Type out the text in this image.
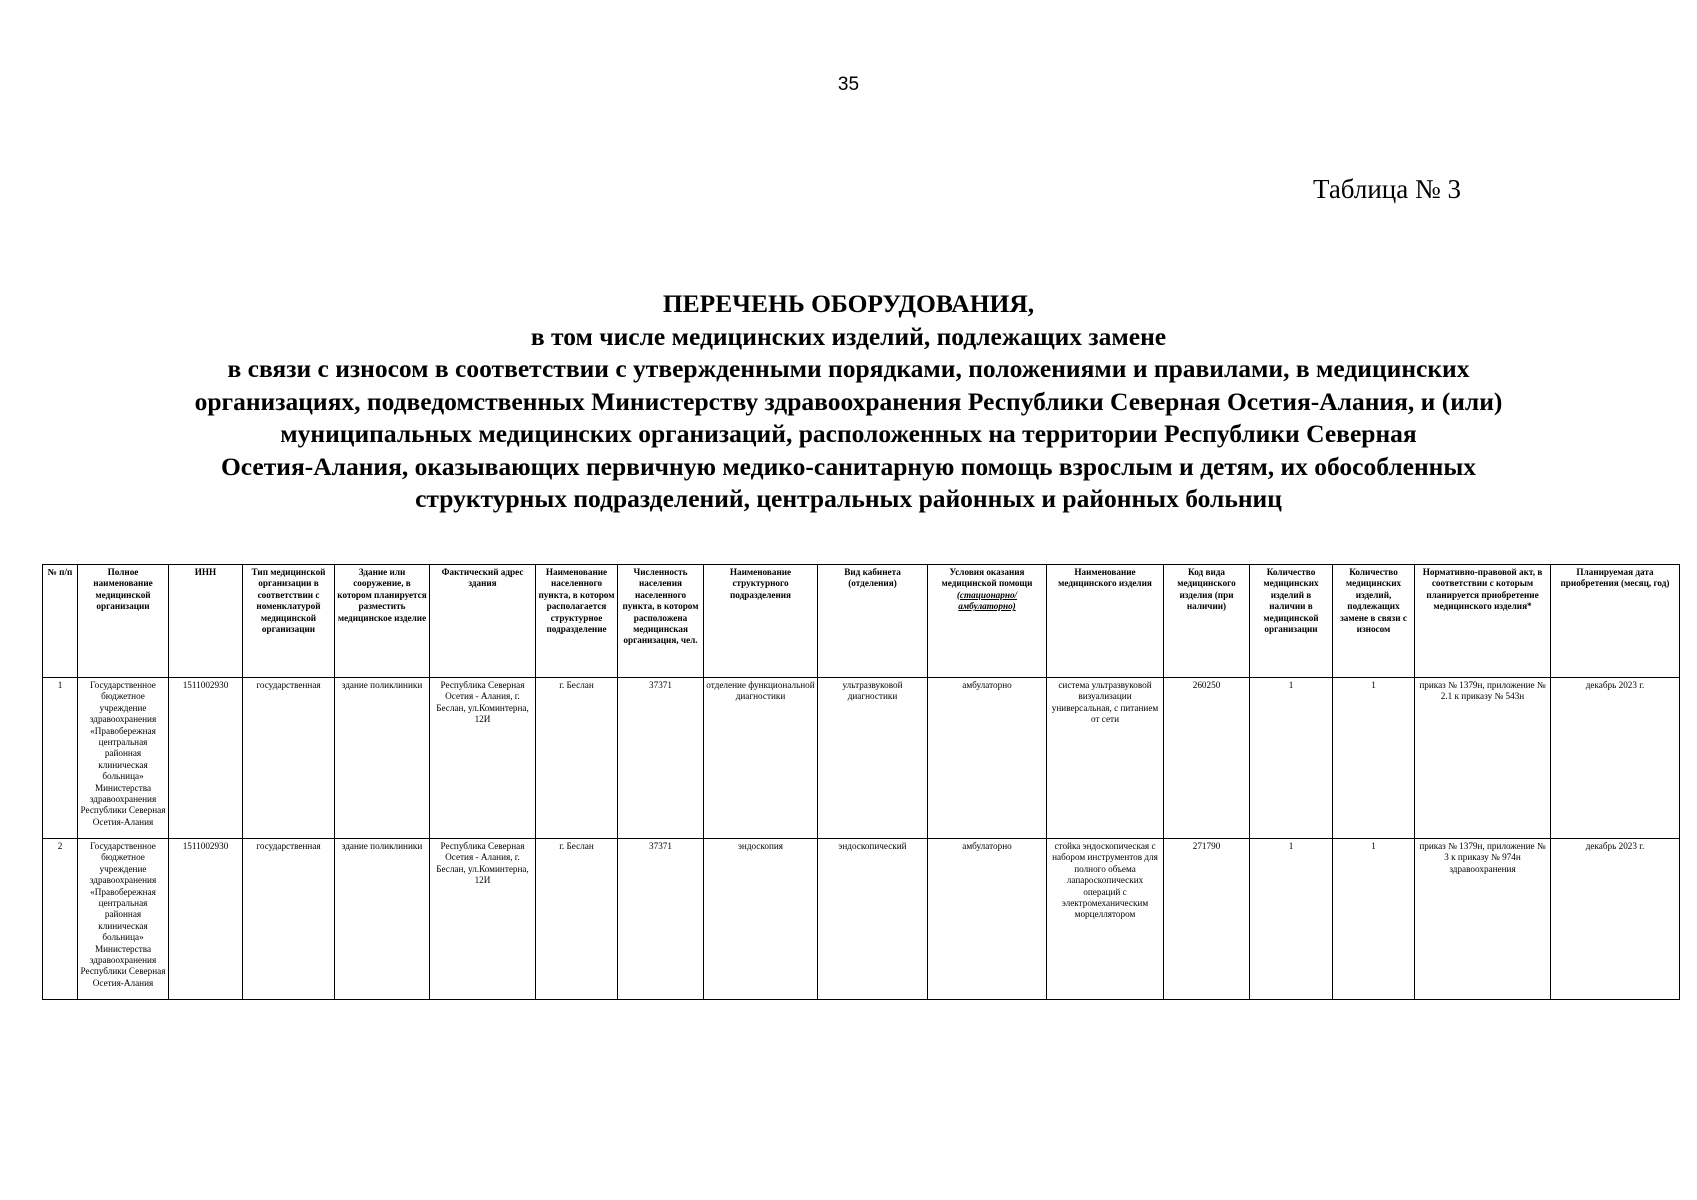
35
Таблица № 3
ПЕРЕЧЕНЬ ОБОРУДОВАНИЯ,
в том числе медицинских изделий, подлежащих замене
в связи с износом в соответствии с утвержденными порядками, положениями и правилами, в медицинских
организациях, подведомственных Министерству здравоохранения Республики Северная Осетия-Алания, и (или)
муниципальных медицинских организаций, расположенных на территории Республики Северная
Осетия-Алания, оказывающих первичную медико-санитарную помощь взрослым и детям, их обособленных
структурных подразделений, центральных районных и районных больниц
№ п/п	Полное наименование медицинской организации	ИНН	Тип медицинской организации в соответствии с номенклатурой медицинской организации	Здание или сооружение, в котором планируется разместить медицинское изделие	Фактический адрес здания	Наименование населенного пункта, в котором располагается структурное подразделение	Численность населения населенного пункта, в котором расположена медицинская организация, чел.	Наименование структурного подразделения	Вид кабинета (отделения)	Условия оказания медицинской помощи (стационарно/амбулаторно)	Наименование медицинского изделия	Код вида медицинского изделия (при наличии)	Количество медицинских изделий в наличии в медицинской организации	Количество медицинских изделий, подлежащих замене в связи с износом	Нормативно-правовой акт, в соответствии с которым планируется приобретение медицинского изделия*	Планируемая дата приобретения (месяц, год)
1	Государственное бюджетное учреждение здравоохранения «Правобережная центральная районная клиническая больница» Министерства здравоохранения Республики Северная Осетия-Алания	1511002930	государственная	здание поликлиники	Республика Северная Осетия - Алания, г. Беслан, ул.Коминтерна, 12И	г. Беслан	37371	отделение функциональной диагностики	ультразвуковой диагностики	амбулаторно	система ультразвуковой визуализации универсальная, с питанием от сети	260250	1	1	приказ № 1379н, приложение № 2.1 к приказу № 543н	декабрь 2023 г.
2	Государственное бюджетное учреждение здравоохранения «Правобережная центральная районная клиническая больница» Министерства здравоохранения Республики Северная Осетия-Алания	1511002930	государственная	здание поликлиники	Республика Северная Осетия - Алания, г. Беслан, ул.Коминтерна, 12И	г. Беслан	37371	эндоскопия	эндоскопический	амбулаторно	стойка эндоскопическая с набором инструментов для полного объема лапароскопических операций с электромеханическим морцеллятором	271790	1	1	приказ № 1379н, приложение № 3 к приказу № 974н здравоохранения	декабрь 2023 г.
